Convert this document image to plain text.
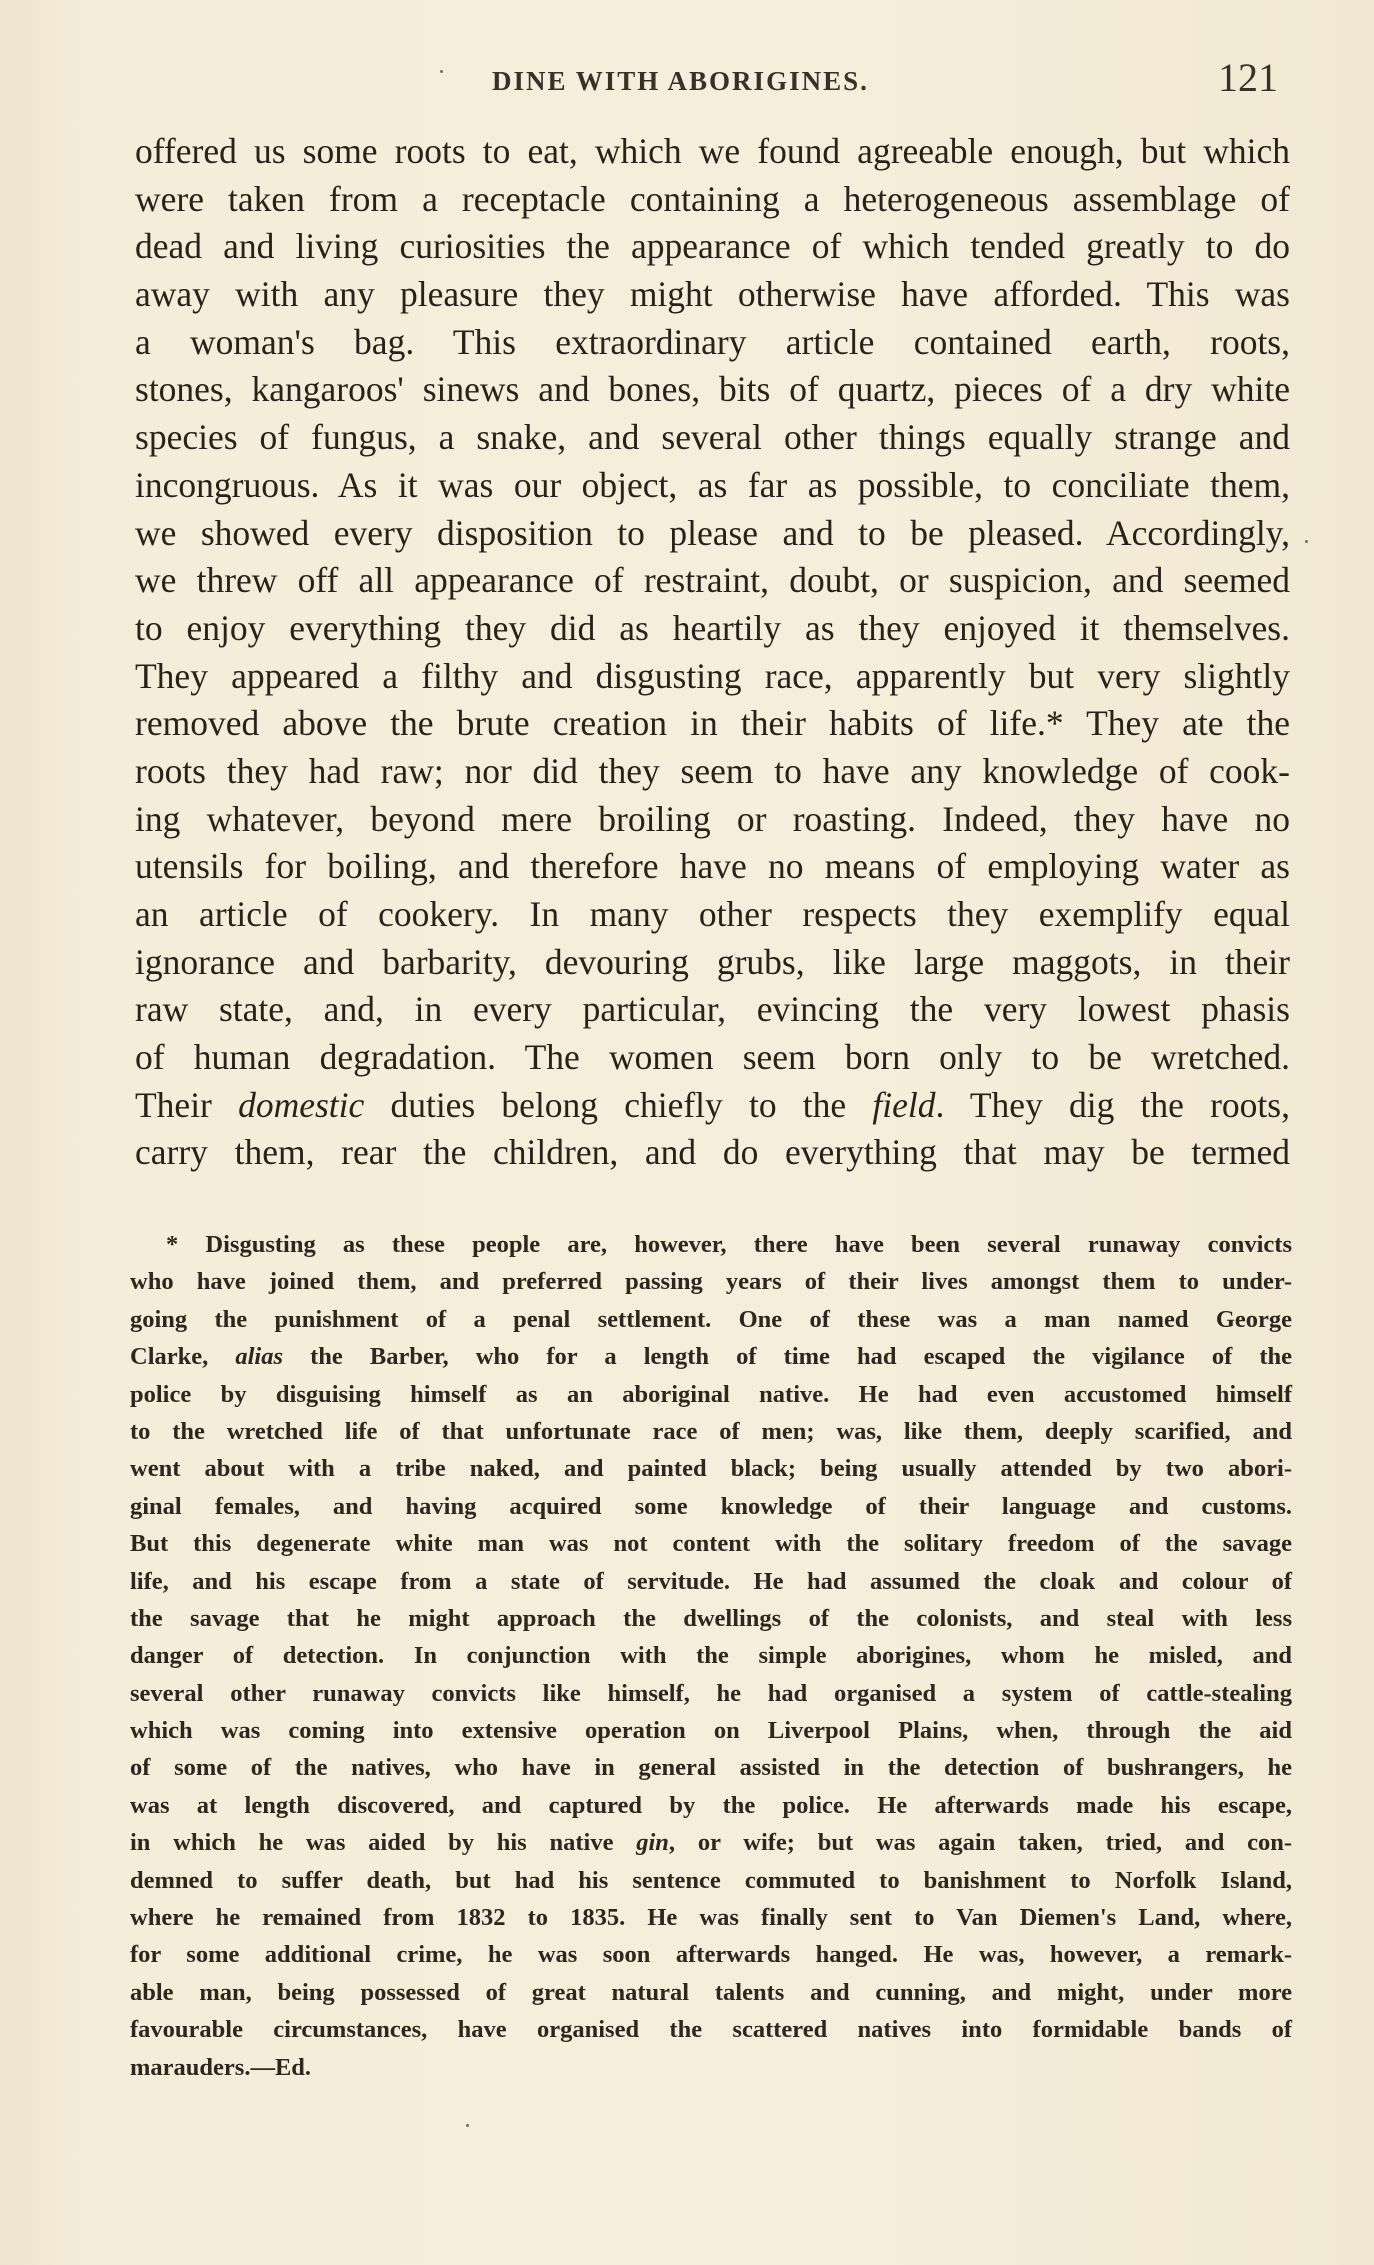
DINE WITH ABORIGINES.	121
offered us some roots to eat, which we found agreeable enough, but which
were taken from a receptacle containing a heterogeneous assemblage of
dead and living curiosities the appearance of which tended greatly to do
away with any pleasure they might otherwise have afforded. This was
a woman's bag. This extraordinary article contained earth, roots,
stones, kangaroos' sinews and bones, bits of quartz, pieces of a dry white
species of fungus, a snake, and several other things equally strange and
incongruous. As it was our object, as far as possible, to conciliate them,
we showed every disposition to please and to be pleased. Accordingly,
we threw off all appearance of restraint, doubt, or suspicion, and seemed
to enjoy everything they did as heartily as they enjoyed it themselves.
They appeared a filthy and disgusting race, apparently but very slightly
removed above the brute creation in their habits of life.* They ate the
roots they had raw; nor did they seem to have any knowledge of cook-
ing whatever, beyond mere broiling or roasting. Indeed, they have no
utensils for boiling, and therefore have no means of employing water as
an article of cookery. In many other respects they exemplify equal
ignorance and barbarity, devouring grubs, like large maggots, in their
raw state, and, in every particular, evincing the very lowest phasis
of human degradation. The women seem born only to be wretched.
Their domestic duties belong chiefly to the field. They dig the roots,
carry them, rear the children, and do everything that may be termed
* Disgusting as these people are, however, there have been several runaway convicts
who have joined them, and preferred passing years of their lives amongst them to under-
going the punishment of a penal settlement. One of these was a man named George
Clarke, alias the Barber, who for a length of time had escaped the vigilance of the
police by disguising himself as an aboriginal native. He had even accustomed himself
to the wretched life of that unfortunate race of men; was, like them, deeply scarified, and
went about with a tribe naked, and painted black; being usually attended by two abori-
ginal females, and having acquired some knowledge of their language and customs.
But this degenerate white man was not content with the solitary freedom of the savage
life, and his escape from a state of servitude. He had assumed the cloak and colour of
the savage that he might approach the dwellings of the colonists, and steal with less
danger of detection. In conjunction with the simple aborigines, whom he misled, and
several other runaway convicts like himself, he had organised a system of cattle-stealing
which was coming into extensive operation on Liverpool Plains, when, through the aid
of some of the natives, who have in general assisted in the detection of bushrangers, he
was at length discovered, and captured by the police. He afterwards made his escape,
in which he was aided by his native gin, or wife; but was again taken, tried, and con-
demned to suffer death, but had his sentence commuted to banishment to Norfolk Island,
where he remained from 1832 to 1835. He was finally sent to Van Diemen's Land, where,
for some additional crime, he was soon afterwards hanged. He was, however, a remark-
able man, being possessed of great natural talents and cunning, and might, under more
favourable circumstances, have organised the scattered natives into formidable bands of
marauders.—Ed.
